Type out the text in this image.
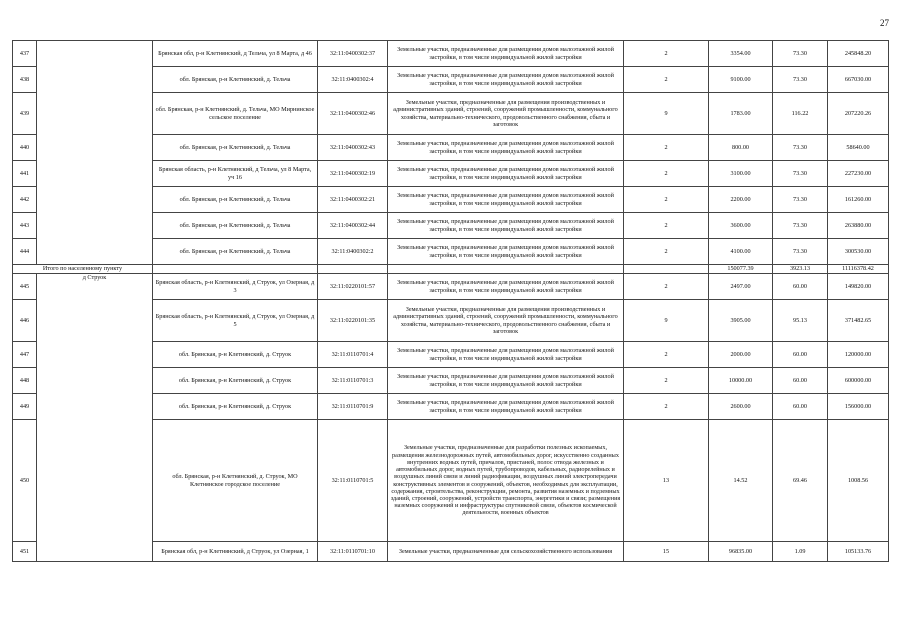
27
437		Брянская обл, р-н Клетнянский, д Тельча, ул 8 Марта, д 46	32:11:0400302:37	Земельные участки, предназначенные для размещения домов малоэтажной жилой застройки, в том числе индивидуальной жилой застройки	2	3354.00	73.30	245848.20
438		обл. Брянская, р-н Клетнянский, д. Тельча	32:11:0400302:4	Земельные участки, предназначенные для размещения домов малоэтажной жилой застройки, в том числе индивидуальной жилой застройки	2	9100.00	73.30	667030.00
439		обл. Брянская, р-н Клетнянский, д. Тельча, МО Мирнинское сельское поселение	32:11:0400302:46	Земельные участки, предназначенные для размещения производственных и административных зданий, строений, сооружений промышленности, коммунального хозяйства, материально-технического, продовольственного снабжения, сбыта и заготовок	9	1783.00	116.22	207220.26
440		обл. Брянская, р-н Клетнянский, д. Тельча	32:11:0400302:43	Земельные участки, предназначенные для размещения домов малоэтажной жилой застройки, в том числе индивидуальной жилой застройки	2	800.00	73.30	58640.00
441		Брянская область, р-н Клетнянский, д Тельча, ул 8 Марта, уч 16	32:11:0400302:19	Земельные участки, предназначенные для размещения домов малоэтажной жилой застройки, в том числе индивидуальной жилой застройки	2	3100.00	73.30	227230.00
442		обл. Брянская, р-н Клетнянский, д. Тельча	32:11:0400302:21	Земельные участки, предназначенные для размещения домов малоэтажной жилой застройки, в том числе индивидуальной жилой застройки	2	2200.00	73.30	161260.00
443		обл. Брянская, р-н Клетнянский, д. Тельча	32:11:0400302:44	Земельные участки, предназначенные для размещения домов малоэтажной жилой застройки, в том числе индивидуальной жилой застройки	2	3600.00	73.30	263880.00
444		обл. Брянская, р-н Клетнянский, д. Тельча	32:11:0400302:2	Земельные участки, предназначенные для размещения домов малоэтажной жилой застройки, в том числе индивидуальной жилой застройки	2	4100.00	73.30	300530.00
Итого по населенному пункту						150077.39	3923.13	11116378.42
445	д Струок	Брянская область, р-н Клетнянский, д Струок, ул Озерная, д 3	32:11:0220101:57	Земельные участки, предназначенные для размещения домов малоэтажной жилой застройки, в том числе индивидуальной жилой застройки	2	2497.00	60.00	149820.00
446		Брянская область, р-н Клетнянский, д Струок, ул Озерная, д 5	32:11:0220101:35	Земельные участки, предназначенные для размещения производственных и административных зданий, строений, сооружений промышленности, коммунального хозяйства, материально-технического, продовольственного снабжения, сбыта и заготовок	9	3905.00	95.13	371482.65
447		обл. Брянская, р-н Клетнянский, д. Струок	32:11:0110701:4	Земельные участки, предназначенные для размещения домов малоэтажной жилой застройки, в том числе индивидуальной жилой застройки	2	2000.00	60.00	120000.00
448		обл. Брянская, р-н Клетнянский, д. Струок	32:11:0110701:3	Земельные участки, предназначенные для размещения домов малоэтажной жилой застройки, в том числе индивидуальной жилой застройки	2	10000.00	60.00	600000.00
449		обл. Брянская, р-н Клетнянский, д. Струок	32:11:0110701:9	Земельные участки, предназначенные для размещения домов малоэтажной жилой застройки, в том числе индивидуальной жилой застройки	2	2600.00	60.00	156000.00
450		обл. Брянская, р-н Клетнянский, д. Струок, МО Клетнянское городское поселение	32:11:0110701:5	Земельные участки, предназначенные для разработки полезных ископаемых, размещения железнодорожных путей, автомобильных дорог, искусственно созданных внутренних водных путей, причалов, пристаней, полос отвода железных и автомобильных дорог, водных путей, трубопроводов, кабельных, радиорелейных и воздушных линий связи и линий радиофикации, воздушных линий электропередачи конструктивных элементов и сооружений, объектов, необходимых для эксплуатации, содержания, строительства, реконструкции, ремонта, развития наземных и подземных зданий, строений, сооружений, устройств транспорта, энергетики и связи; размещения наземных сооружений и инфраструктуры спутниковой связи, объектов космической деятельности, военных объектов	13	14.52	69.46	1008.56
451		Брянская обл, р-н Клетнянский, д Струок, ул Озерная, 1	32:11:0110701:10	Земельные участки, предназначенные для сельскохозяйственного использования	15	96835.00	1.09	105133.76
